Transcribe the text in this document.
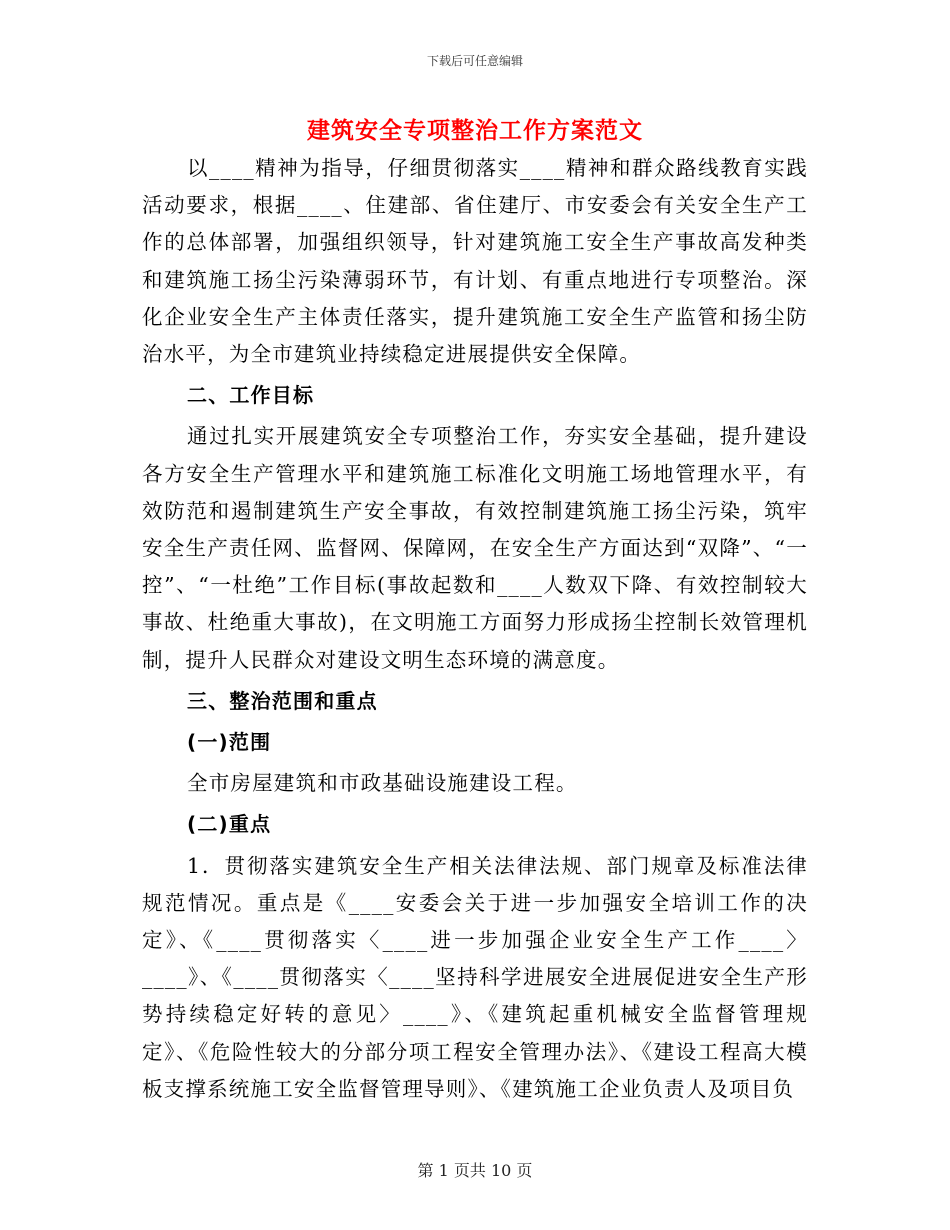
下载后可任意编辑
建筑安全专项整治工作方案范文

以____精神为指导，仔细贯彻落实____精神和群众路线教育实践活动要求，根据____、住建部、省住建厅、市安委会有关安全生产工作的总体部署，加强组织领导，针对建筑施工安全生产事故高发种类和建筑施工扬尘污染薄弱环节，有计划、有重点地进行专项整治。深化企业安全生产主体责任落实，提升建筑施工安全生产监管和扬尘防治水平，为全市建筑业持续稳定进展提供安全保障。

二、工作目标

通过扎实开展建筑安全专项整治工作，夯实安全基础，提升建设各方安全生产管理水平和建筑施工标准化文明施工场地管理水平，有效防范和遏制建筑生产安全事故，有效控制建筑施工扬尘污染，筑牢安全生产责任网、监督网、保障网，在安全生产方面达到“双降”、“一控”、“一杜绝”工作目标(事故起数和____人数双下降、有效控制较大事故、杜绝重大事故)，在文明施工方面努力形成扬尘控制长效管理机制，提升人民群众对建设文明生态环境的满意度。

三、整治范围和重点

(一)范围

全市房屋建筑和市政基础设施建设工程。

(二)重点

1．贯彻落实建筑安全生产相关法律法规、部门规章及标准法律规范情况。重点是《____安委会关于进一步加强安全培训工作的决定》、《____贯彻落实〈____进一步加强企业安全生产工作____〉____》、《____贯彻落实〈____坚持科学进展安全进展促进安全生产形势持续稳定好转的意见〉____》、《建筑起重机械安全监督管理规定》、《危险性较大的分部分项工程安全管理办法》、《建设工程高大模板支撑系统施工安全监督管理导则》、《建筑施工企业负责人及项目负

第 1 页共 10 页
